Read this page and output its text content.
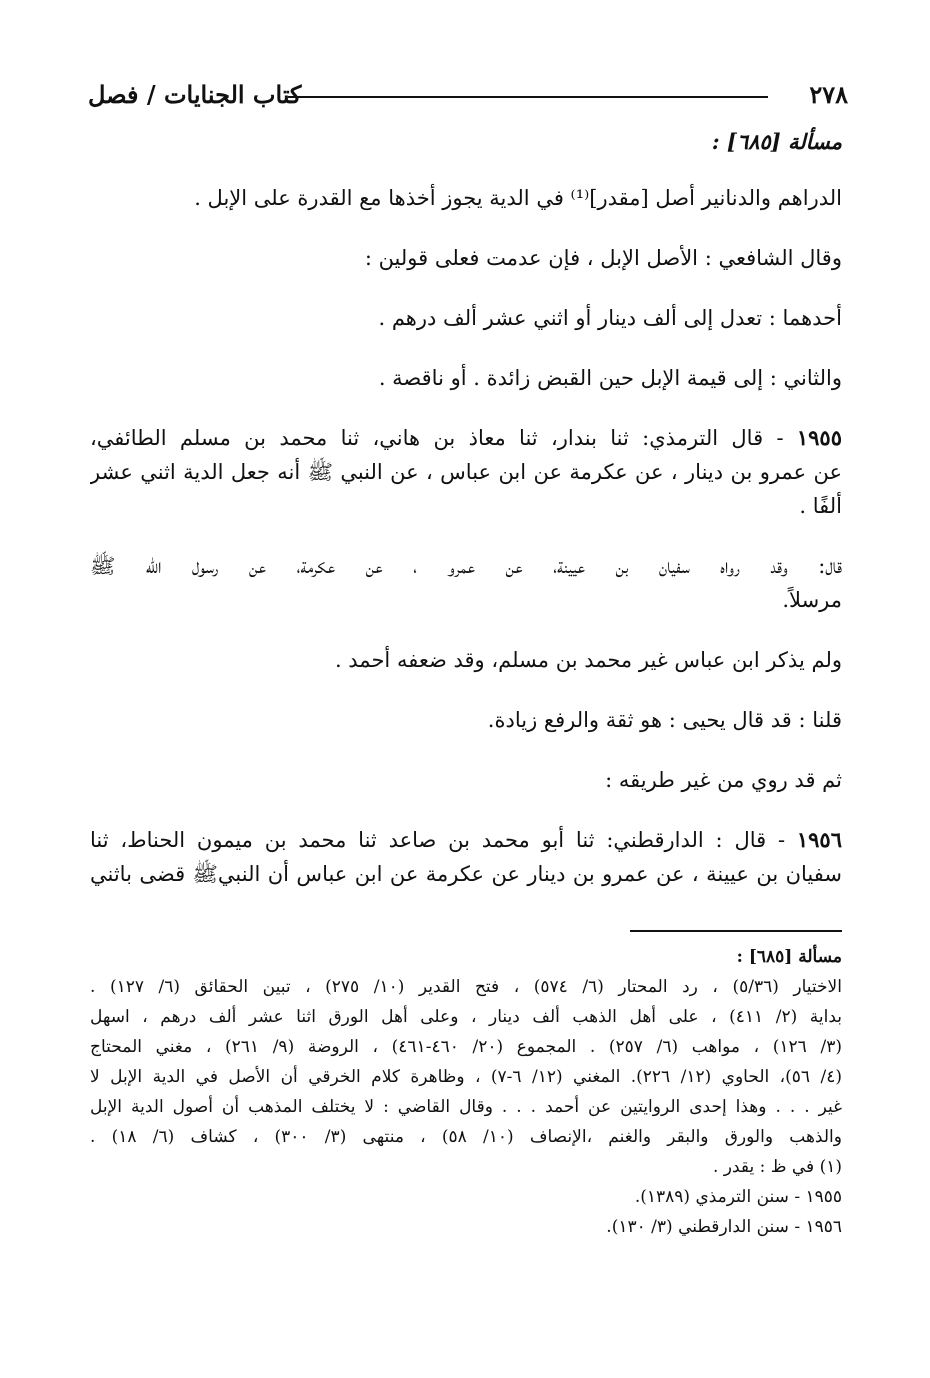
٢٧٨
كتاب الجنايات / فصل
مسألة [٦٨٥] :
الدراهم والدنانير أصل [مقدر]⁽¹⁾ في الدية يجوز أخذها مع القدرة على الإبل .
وقال الشافعي : الأصل الإبل ، فإن عدمت فعلى قولين :
أحدهما : تعدل إلى ألف دينار أو اثني عشر ألف درهم .
والثاني : إلى قيمة الإبل حين القبض زائدة . أو ناقصة .
١٩٥٥ - قال الترمذي: ثنا بندار، ثنا معاذ بن هاني، ثنا محمد بن مسلم الطائفي،
عن عمرو بن دينار ، عن عكرمة عن ابن عباس ، عن النبي ﷺ أنه جعل الدية اثني عشر
ألفًا .
قال: وقد رواه سفيان بن عيينة، عن عمرو ، عن عكرمة، عن رسول الله ﷺ
مرسلاً.
ولم يذكر ابن عباس غير محمد بن مسلم، وقد ضعفه أحمد .
قلنا : قد قال يحيى : هو ثقة والرفع زيادة.
ثم قد روي من غير طريقه :
١٩٥٦ - قال : الدارقطني: ثنا أبو محمد بن صاعد ثنا محمد بن ميمون الحناط، ثنا
سفيان بن عيينة ، عن عمرو بن دينار عن عكرمة عن ابن عباس أن النبيﷺ قضى باثني
مسألة [٦٨٥] :
الاختيار (٥/٣٦) ، رد المحتار (٦/ ٥٧٤) ، فتح القدير (١٠/ ٢٧٥) ، تبين الحقائق (٦/ ١٢٧) .
بداية (٢/ ٤١١) ، على أهل الذهب ألف دينار ، وعلى أهل الورق اثنا عشر ألف درهم ، اسهل
(٣/ ١٢٦) ، مواهب (٦/ ٢٥٧) . المجموع (٢٠/ ٤٦٠-٤٦١) ، الروضة (٩/ ٢٦١) ، مغني المحتاج
(٤/ ٥٦)، الحاوي (١٢/ ٢٢٦). المغني (١٢/ ٦-٧) ، وظاهرة كلام الخرقي أن الأصل في الدية الإبل لا
غير . . . وهذا إحدى الروايتين عن أحمد . . . وقال القاضي : لا يختلف المذهب أن أصول الدية الإبل
والذهب والورق والبقر والغنم ،الإنصاف (١٠/ ٥٨) ، منتهى (٣/ ٣٠٠) ، كشاف (٦/ ١٨) .
(١) في ظ : يقدر .
١٩٥٥ - سنن الترمذي (١٣٨٩).
١٩٥٦ - سنن الدارقطني (٣/ ١٣٠).
